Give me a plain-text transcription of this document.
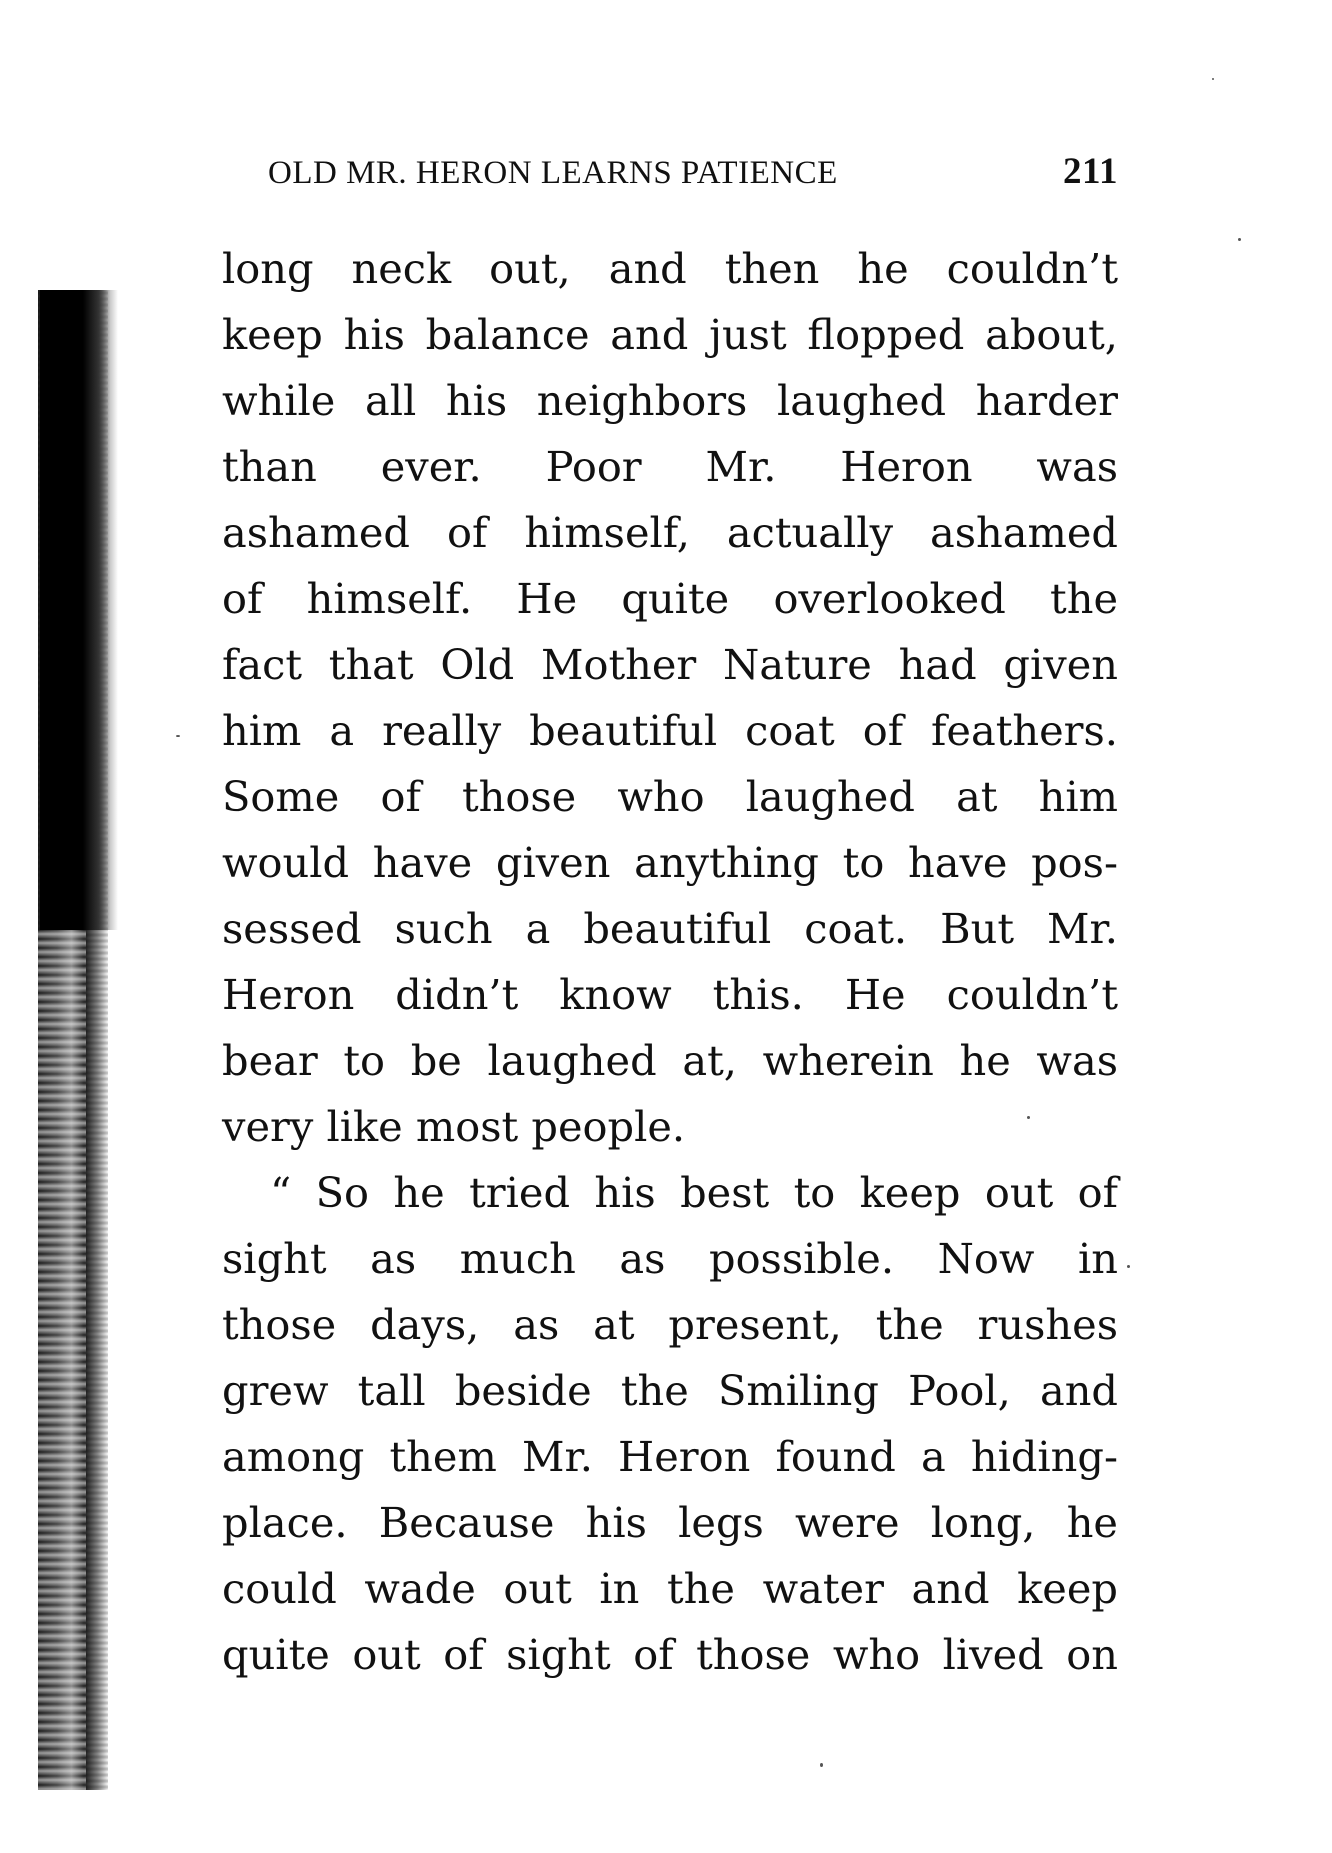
OLD MR. HERON LEARNS PATIENCE	211
long neck out, and then he couldn’t
keep his balance and just flopped about,
while all his neighbors laughed harder
than ever. Poor Mr. Heron was
ashamed of himself, actually ashamed
of himself. He quite overlooked the
fact that Old Mother Nature had given
him a really beautiful coat of feathers.
Some of those who laughed at him
would have given anything to have pos-
sessed such a beautiful coat. But Mr.
Heron didn’t know this. He couldn’t
bear to be laughed at, wherein he was
very like most people.
“ So he tried his best to keep out of
sight as much as possible. Now in
those days, as at present, the rushes
grew tall beside the Smiling Pool, and
among them Mr. Heron found a hiding-
place. Because his legs were long, he
could wade out in the water and keep
quite out of sight of those who lived on
